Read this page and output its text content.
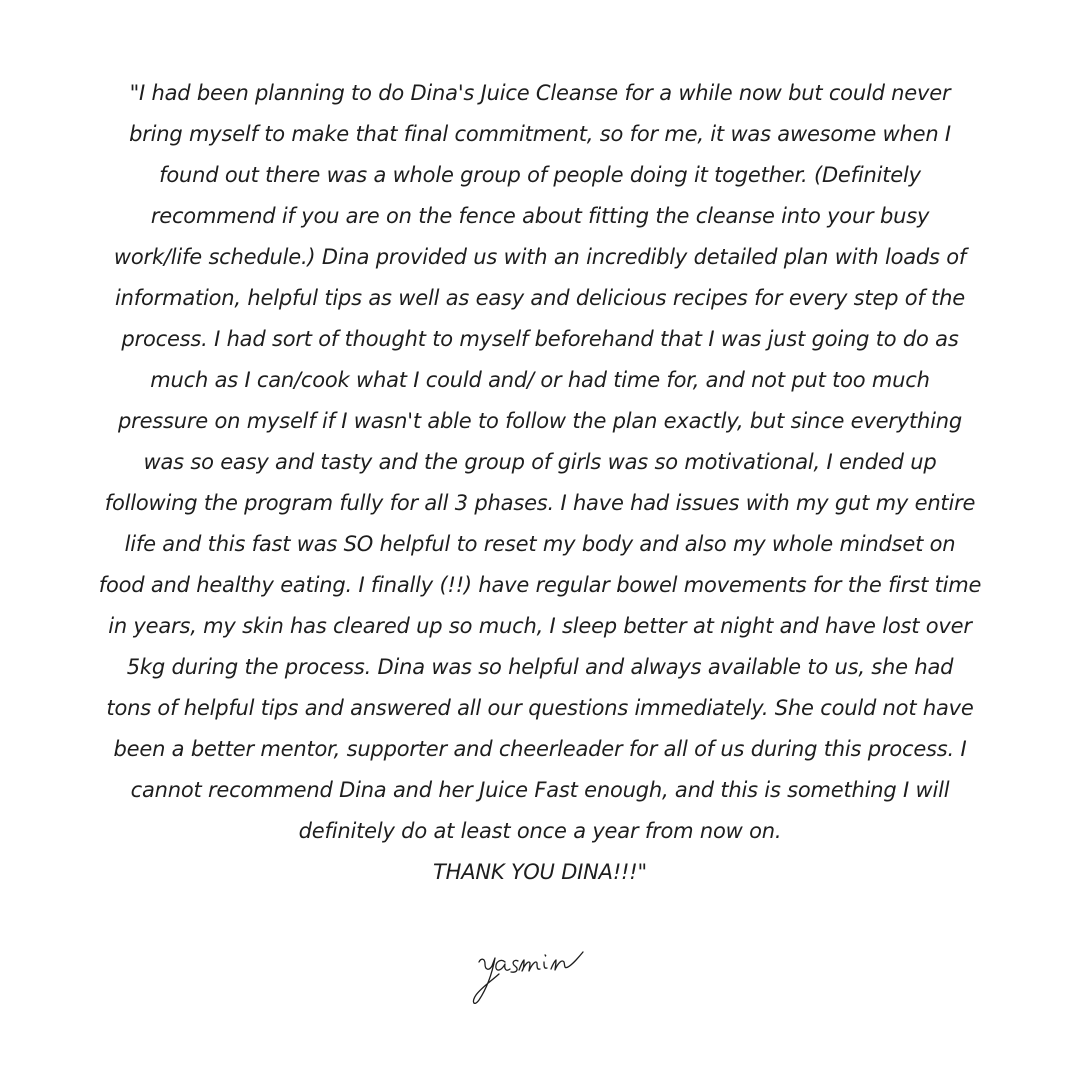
"I had been planning to do Dina's Juice Cleanse for a while now but could never
bring myself to make that final commitment, so for me, it was awesome when I
found out there was a whole group of people doing it together. (Definitely
recommend if you are on the fence about fitting the cleanse into your busy
work/life schedule.) Dina provided us with an incredibly detailed plan with loads of
information, helpful tips as well as easy and delicious recipes for every step of the
process. I had sort of thought to myself beforehand that I was just going to do as
much as I can/cook what I could and/ or had time for, and not put too much
pressure on myself if I wasn't able to follow the plan exactly, but since everything
was so easy and tasty and the group of girls was so motivational, I ended up
following the program fully for all 3 phases. I have had issues with my gut my entire
life and this fast was SO helpful to reset my body and also my whole mindset on
food and healthy eating. I finally (!!) have regular bowel movements for the first time
in years, my skin has cleared up so much, I sleep better at night and have lost over
5kg during the process. Dina was so helpful and always available to us, she had
tons of helpful tips and answered all our questions immediately. She could not have
been a better mentor, supporter and cheerleader for all of us during this process. I
cannot recommend Dina and her Juice Fast enough, and this is something I will
definitely do at least once a year from now on.
THANK YOU DINA!!!"
